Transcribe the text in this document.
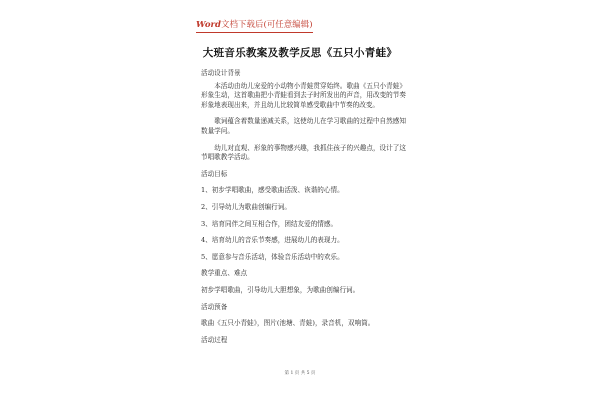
Word文档下载后(可任意编辑)
大班音乐教案及教学反思《五只小青蛙》

活动设计背景

本活动由幼儿宠爱的小动物小青蛙贯穿始终。歌曲《五只小青蛙》形象生动，这首歌曲把小青蛙看到去子时所发出的声音，用改变的节奏形象地表现出来，并且幼儿比较简单感受歌曲中节奏的改变。

歌词蕴含着数量递减关系，这使幼儿在学习歌曲的过程中自然感知数量学问。

幼儿对直观、形象的事物感兴趣，我抓住孩子的兴趣点，设计了这节唱歌教学活动。

活动目标

1、初步学唱歌曲，感受歌曲活泼、诙谐的心情。

2、引导幼儿为歌曲创编行词。

3、培育同伴之间互相合作，团结友爱的情感。

4、培育幼儿的音乐节奏感，进展幼儿的表现力。

5、愿意参与音乐活动，体验音乐活动中的欢乐。

教学重点、难点

初步学唱歌曲，引导幼儿大胆想象，为歌曲创编行词。

活动预备

歌曲《五只小青蛙》，图片(池塘、青蛙)，录音机，双响筒。

活动过程

第 1 页 共 5 页
